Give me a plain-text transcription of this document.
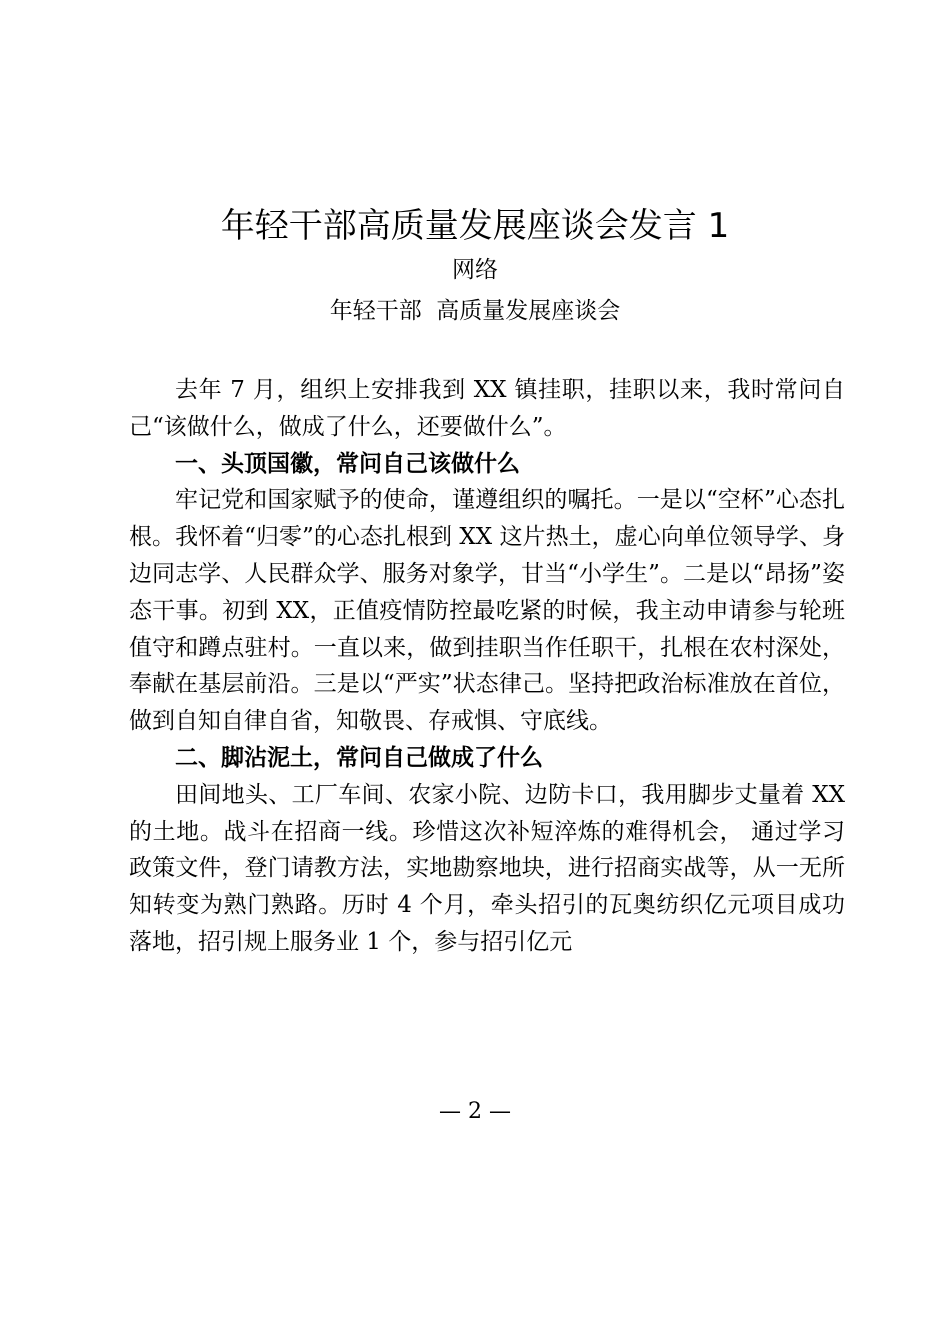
年轻干部高质量发展座谈会发言 1
网络
年轻干部  高质量发展座谈会

去年 7 月，组织上安排我到 XX 镇挂职，挂职以来，我时常问自己“该做什么，做成了什么，还要做什么”。

一、头顶国徽，常问自己该做什么

牢记党和国家赋予的使命，谨遵组织的嘱托。一是以“空杯”心态扎根。我怀着“归零”的心态扎根到 XX 这片热土，虚心向单位领导学、身边同志学、人民群众学、服务对象学，甘当“小学生”。二是以“昂扬”姿态干事。初到 XX，正值疫情防控最吃紧的时候，我主动申请参与轮班值守和蹲点驻村。一直以来，做到挂职当作任职干，扎根在农村深处，奉献在基层前沿。三是以“严实”状态律己。坚持把政治标准放在首位，做到自知自律自省，知敬畏、存戒惧、守底线。

二、脚沾泥土，常问自己做成了什么

田间地头、工厂车间、农家小院、边防卡口，我用脚步丈量着 XX 的土地。战斗在招商一线。珍惜这次补短淬炼的难得机会， 通过学习政策文件，登门请教方法，实地勘察地块，进行招商实战等，从一无所知转变为熟门熟路。历时 4 个月，牵头招引的瓦奥纺织亿元项目成功落地，招引规上服务业 1 个，参与招引亿元

— 2 —
